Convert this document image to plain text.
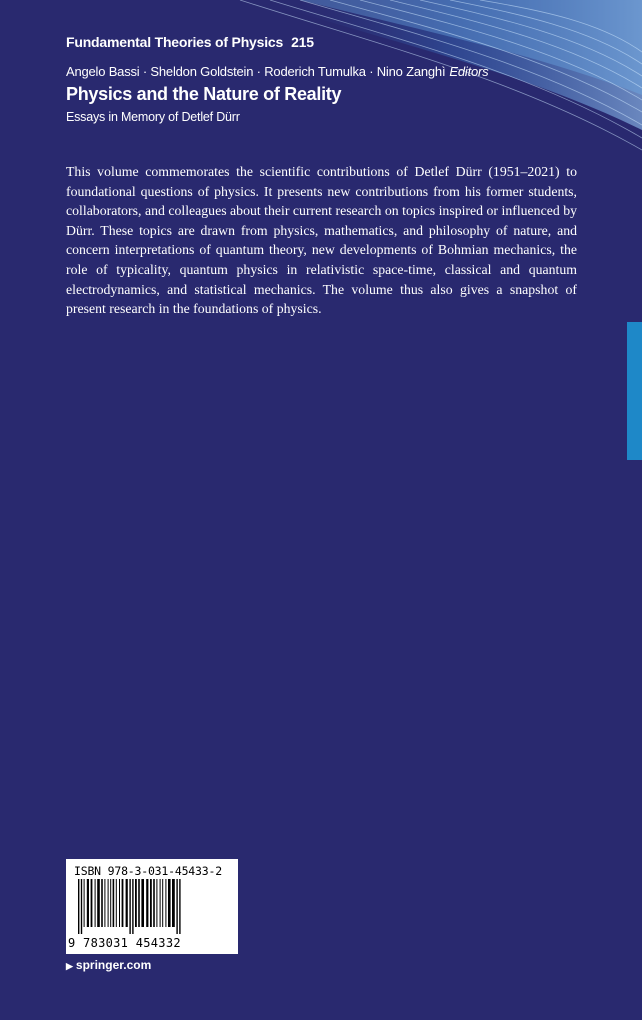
Fundamental Theories of Physics 215
Angelo Bassi · Sheldon Goldstein · Roderich Tumulka · Nino Zanghì Editors
Physics and the Nature of Reality
Essays in Memory of Detlef Dürr
This volume commemorates the scientific contributions of Detlef Dürr (1951–2021) to foundational questions of physics. It presents new contributions from his former students, collaborators, and colleagues about their current research on topics inspired or influenced by Dürr. These topics are drawn from physics, mathematics, and philosophy of nature, and concern interpretations of quantum theory, new developments of Bohmian mechanics, the role of typicality, quantum physics in relativistic space-time, classical and quantum electrodynamics, and statistical mechanics. The volume thus also gives a snapshot of present research in the foundations of physics.
ISBN 978-3-031-45433-2
9 783031 454332
▶ springer.com
